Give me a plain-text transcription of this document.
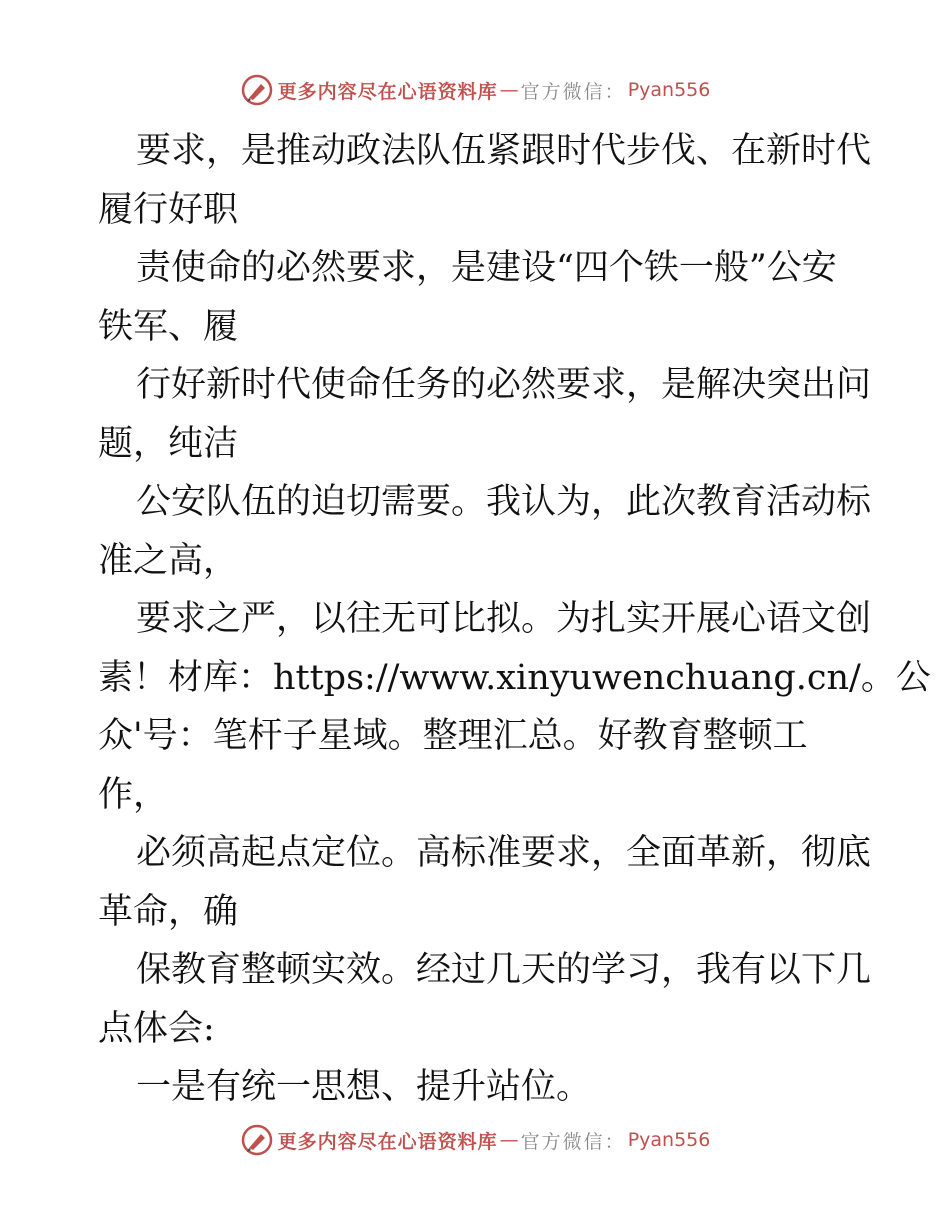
更多内容尽在心语资料库 — 官方微信： Pyan556
要求，是推动政法队伍紧跟时代步伐、在新时代
履行好职
责使命的必然要求，是建设“四个铁一般”公安
铁军、履
行好新时代使命任务的必然要求，是解决突出问
题，纯洁
公安队伍的迫切需要。我认为，此次教育活动标
准之高，
要求之严，以往无可比拟。为扎实开展心语文创
素！材库：https://www.xinyuwenchuang.cn/。公
众'号：笔杆子星域。整理汇总。好教育整顿工
作，
必须高起点定位。高标准要求，全面革新，彻底
革命，确
保教育整顿实效。经过几天的学习，我有以下几
点体会:
一是有统一思想、提升站位。
更多内容尽在心语资料库 — 官方微信： Pyan556
